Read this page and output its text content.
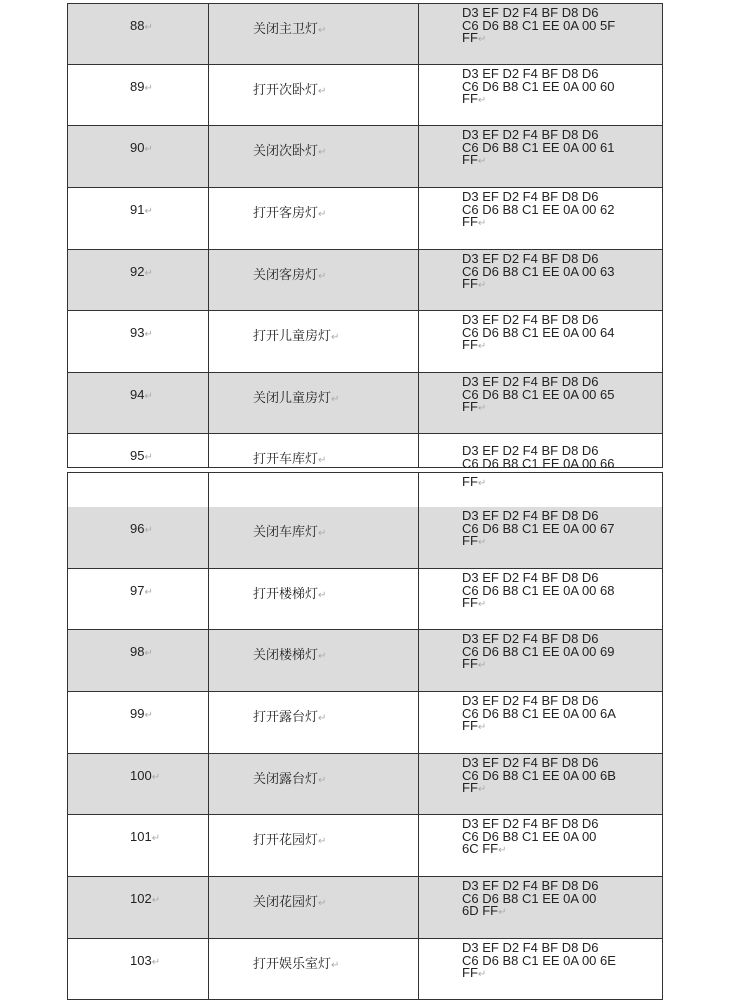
88↵	关闭主卫灯↵
D3 EF D2 F4 BF D8 D6
C6 D6 B8 C1 EE 0A 00 5F
FF↵
89↵	打开次卧灯↵
D3 EF D2 F4 BF D8 D6
C6 D6 B8 C1 EE 0A 00 60
FF↵
90↵	关闭次卧灯↵
D3 EF D2 F4 BF D8 D6
C6 D6 B8 C1 EE 0A 00 61
FF↵
91↵	打开客房灯↵
D3 EF D2 F4 BF D8 D6
C6 D6 B8 C1 EE 0A 00 62
FF↵
92↵	关闭客房灯↵
D3 EF D2 F4 BF D8 D6
C6 D6 B8 C1 EE 0A 00 63
FF↵
93↵	打开儿童房灯↵
D3 EF D2 F4 BF D8 D6
C6 D6 B8 C1 EE 0A 00 64
FF↵
94↵	关闭儿童房灯↵
D3 EF D2 F4 BF D8 D6
C6 D6 B8 C1 EE 0A 00 65
FF↵
95↵	打开车库灯↵
D3 EF D2 F4 BF D8 D6
C6 D6 B8 C1 EE 0A 00 66
FF↵
96↵	关闭车库灯↵
D3 EF D2 F4 BF D8 D6
C6 D6 B8 C1 EE 0A 00 67
FF↵
97↵	打开楼梯灯↵
D3 EF D2 F4 BF D8 D6
C6 D6 B8 C1 EE 0A 00 68
FF↵
98↵	关闭楼梯灯↵
D3 EF D2 F4 BF D8 D6
C6 D6 B8 C1 EE 0A 00 69
FF↵
99↵	打开露台灯↵
D3 EF D2 F4 BF D8 D6
C6 D6 B8 C1 EE 0A 00 6A
FF↵
100↵	关闭露台灯↵
D3 EF D2 F4 BF D8 D6
C6 D6 B8 C1 EE 0A 00 6B
FF↵
101↵	打开花园灯↵
D3 EF D2 F4 BF D8 D6
C6 D6 B8 C1 EE 0A 00
6C FF↵
102↵	关闭花园灯↵
D3 EF D2 F4 BF D8 D6
C6 D6 B8 C1 EE 0A 00
6D FF↵
103↵	打开娱乐室灯↵
D3 EF D2 F4 BF D8 D6
C6 D6 B8 C1 EE 0A 00 6E
FF↵
